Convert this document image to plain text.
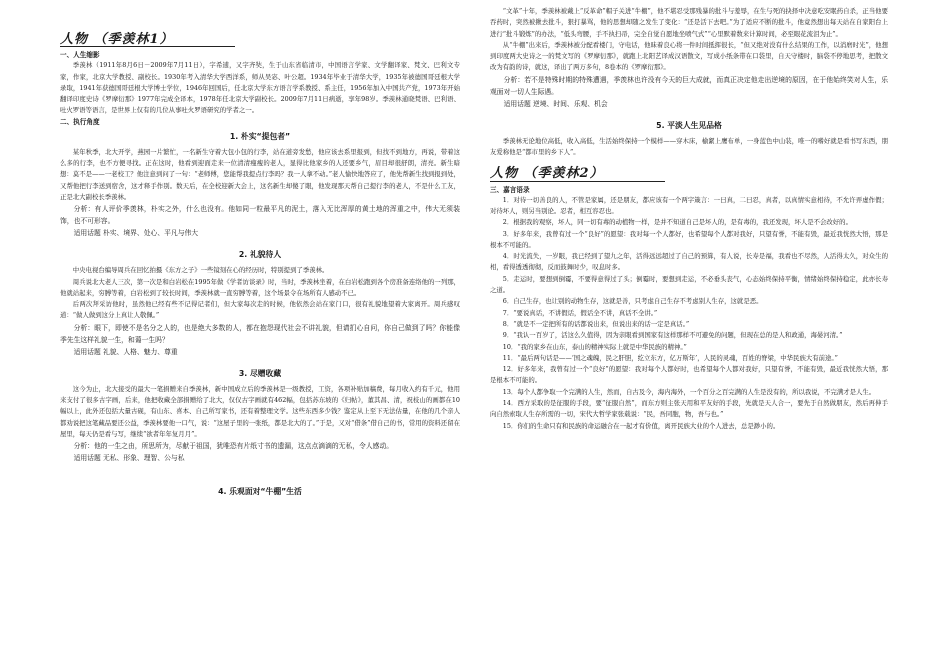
人物 （季羡林1）
一、人生缩影

季羡林（1911年8月6日－2009年7月11日），字希逋，又字齐奘，生于山东省临清市，中国语言学家、文学翻译家、梵文、巴利文专家，作家，北京大学教授、副校长。1930年考入清华大学西洋系，师从吴宓、叶公超。1934年毕业于清华大学，1935年被德国哥廷根大学录取，1941年获德国哥廷根大学博士学位，1946年回国后，任北京大学东方语言学系教授、系主任，1956年加入中国共产党，1973年开始翻译印度史诗《罗摩衍那》1977年完成全译本，1978年任北京大学副校长。2009年7月11日病逝，享年98岁。季羡林通晓梵语、巴利语、吐火罗语等语言，是世界上仅有的几位从事吐火罗语研究的学者之一。

二、执行角度
1. 朴实“提包者”

某年秋季，北大开学，燕园一片繁忙，一名新生守着大包小包的行李，站在道旁发愁，他应该去系里报到，但找不到地方，再说，带着这么多的行李，也不方便寻找。正在这时，他看到迎面走来一位清清瘦瘦的老人，显得比他家乡的人还要乡气，眉目却很舒朗，清亮。新生暗想：莫不是——一老校工？他注意到问了一句：“老师傅，您能帮我提点行李吗？我一人拿不动。”老人愉快地答应了，他先帮新生找到报到处，又帮他把行李送到宿舍，这才释手作别。数天后，在全校迎新大会上，这名新生却傻了眼，他发现那天帮自己提行李的老人，不是什么工友，正是北大副校长季羡林。

分析：有人评价季羡林，朴实之外，什么也没有。他如同一粒最平凡的泥土，落入无比浑厚的黄土地的浑重之中，伟大无须装饰，也不可形容。

适用话题 朴实、境界、处心、平凡与伟大

2. 礼貌待人

中央电视台编导周兵在回忆拍摄《东方之子》一些镜刻在心的经历时，特别提到了季羡林。

周兵说北大老人三次，第一次是和白岩松在1995年做《学者访谈录》时，当时，季羡林坐着，在白岩松跑到各个房准备连络他的一列那，他就站起来，穷膊等着，白岩松到了较长时间，季羡林就一直穷膊等着，这个场景令在场所有人感动不已。

后两次拜采访他时，虽然他已经有些不记得记者们，但大家每次走的时候，他依然会站在家门口，很有礼貌地望着大家离开。周兵感叹道：“做人做到这分上真让人敬佩。”

分析：眼下，即使不是名分之人的，也是绝大多数的人，都在抱怨现代社会不讲礼貌，但请扪心自问，你自己做到了吗？你能像季先生这样礼貌一生，和蔼一生吗？

适用话题 礼貌、人格、魅力、尊重

3. 尽赠收藏

这今为止，北大接受的最大一笔捐赠来自季羡林，新中国成立后的季羡林是一级教授，工资，各项补贴加稿费，每月收入约有千元，他用来支付了很多古字画，后来，他把收藏全部捐赠给了北大，仅仅古字画就有462幅，包括苏东坡的《归帖》，董其昌、清，祝枝山的画都在10幅以上，此外还包括大量古砚，有山东、喜本、自己所写家书，还有着整理文学。这些东西多少钱？鉴定从上至下无法估量，在他的几个亲人都劝说把这笔藏品要还公益，季羡林要他一口气，说：“这屋子里的一张纸，都是北大的了。”于是，又对“借条”借自己的书，常用的资料还留在屋里，每天仍是看与写，继续“欲者年年复月月”。

分析：他的一生之由，所思所为，尽献于祖国，犹唯恐有片纸寸书的遗漏，这点点滴滴的无私，令人感动。

适用话题 无私、形象、理智、公与私

4. 乐观面对“牛棚”生活

“文革”十年，季羡林被戴上“反革命”帽子关进“牛棚”，他不堪忍受那残暴的批斗与羞辱，在生与死的抉择中决意吃安眠药自杀，正当他要吞药时，突然被揪去批斗，狠打暴骂，他的思想却随之发生了变化：“还是活下去吧。”为了适应不断的批斗，他竟然想出每天站在自家阳台上进行“批斗锻炼”的办法，“低头弯腰，手不执扫帚，完全自觉自愿地坐喷气式”“心里默着数来计算时间，必至眼花流泪为止”。

从“牛棚”出来后，季羡林被分配看楼门，守电话，他昧着良心将一件时间抵挥很长，“但又绝对没有什么结果的工作，以消磨时光”，他想到印度两大史诗之一的梵文写的《罗摩衍那》，就跑上北阳艺译成汉语散文，写成小纸条带在口袋里，自天守楼时，脑袋不停地思考，把散文改为有韵的诗，就这，译出了两万多句，8卷本的《罗摩衍那》。

分析：若不是特殊时期的特殊遭遇，季羡林也许没有今天的巨大成就，而真正决定他走出逆境的原因，在于他始终笑对人生，乐观面对一切人生际遇。

适用话题 逆境、时间、乐观、机会

5. 平淡人生见品格

季羡林无论地位高低，收入高低，生活始终保持一个模样——穿木床，榆絮上鹰布单，一身蓝色中山装，唯一的嗜好就是看书写东西，朋友爱称他是“都市里的乡下人”。

人物 （季羡林2）
三、嘉言语录
1．对待一切善良的人，不管是家属，还是朋友，都应该有一个两字箴言：一曰真，二曰忍，真者，以真情实意相待，不允许弄虚作假；对待坏人，则另当别论。忍者，相互容忍也。
2．根据我的观察，坏人，同一切有毒的动植物一样，是并不知道自己是坏人的，是有毒的，我还发现，坏人是不会改好的。
3．好多年来，我曾有过一个“良好”的愿望：我对每一个人都好，也希望每个人都对我好，只望有誉，不能有毁，最近我恍然大悟，那是根本不可能的。
4．时光流失，一岁眼，我已经到了望九之年，活得远远超过了自己的预算，有人说，长寿是福，我看也不尽然，人活得太久，对众生的相，看得透透彻彻，反而鼓舞时少，叹息时多。
5．走运时，要想到倒霉，不要得意得过了头；倒霉时，要想到走运，不必垂头丧气，心态始终保持平衡，情绪始终保持稳定，此亦长寿之道。
6．自己生存，也让别的动物生存，这就是善，只考虑自己生存不考虑别人生存，这就是恶。
7．“要说真话，不讲假话，假话全不讲，真话不全讲。”
8．“就是不一定把所有的话都说出来，但说出来的话一定是真话。”
9．“我认一百岁了，活这么久值得，因为亲眼看到国家有这样那样不可避免的问题，但现在总的是人和政通，海晏河清。”
10．“我的家乡在山东，泰山的精神实际上就是中华民族的精神。”
11．“最后两句话是——‘国之魂魄，民之肝胆，纥立东方，亿万斯年’，人民的灵魂，百姓的脊梁，中华民族大有前途。”
12．好多年来，我曾有过一个“良好”的愿望：我对每个人都好时，也希望每个人都对我好，只望有誉，不能有毁，最近我恍然大悟，那是根本不可能的。
13．每个人都争取一个完满的人生，然而，自古及今，海内海外，一个百分之百完满的人生是没有的，所以我说，不完满才是人生。
14．西方采取的是征服的手段，要“征服自然”，而东方则主张天用和平友好的手段，先就是天人合一，要先于自然做朋友，然后再伸手向自然索取人生存所需的一切，宋代大哲学家张载说：“民，吾同胞，物，吾与也。”
15．你们的生命只有和民族的命运融合在一起才有价值，离开民族大业的个人进去，总是渺小的。
